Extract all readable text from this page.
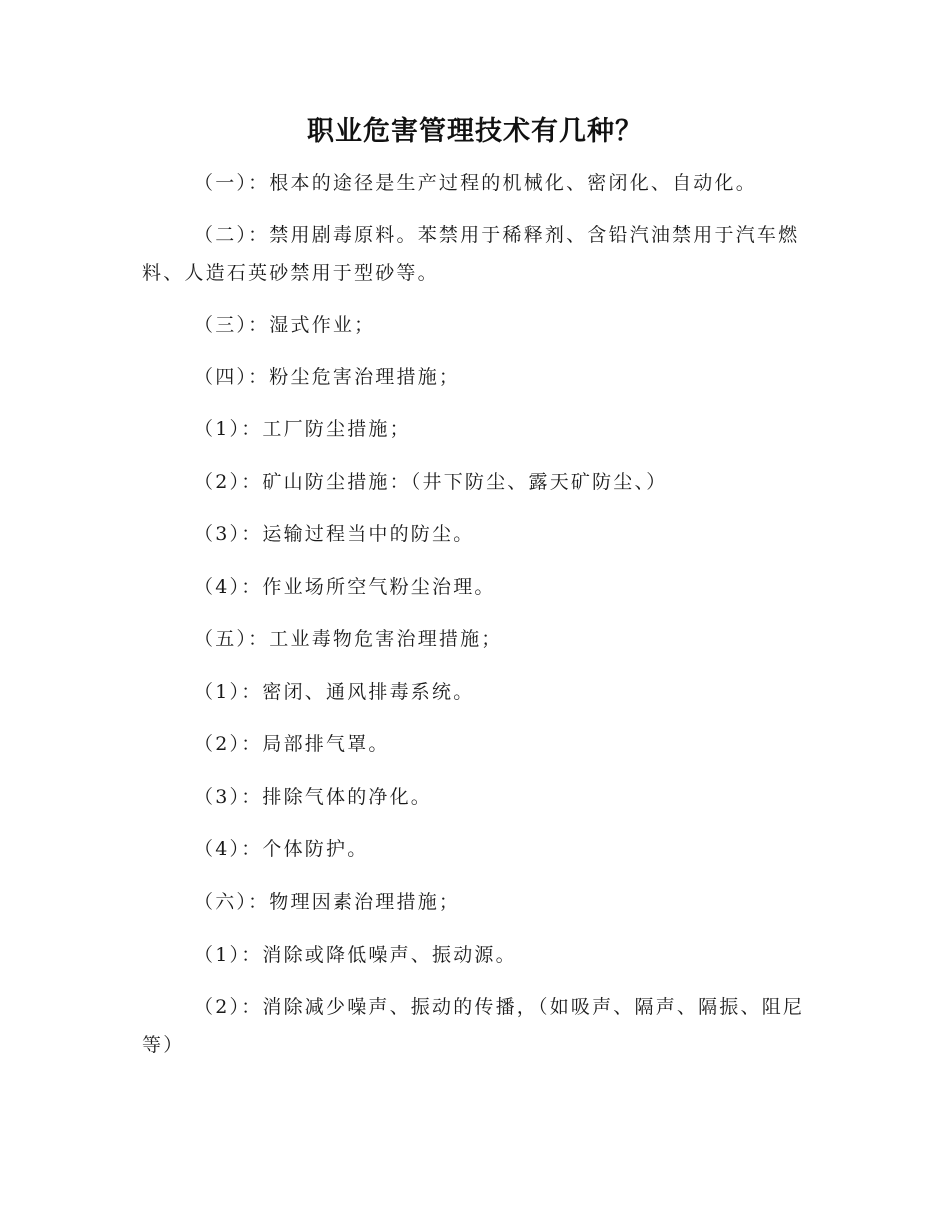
职业危害管理技术有几种？
（一）：根本的途径是生产过程的机械化、密闭化、自动化。
（二）：禁用剧毒原料。苯禁用于稀释剂、含铅汽油禁用于汽车燃料、人造石英砂禁用于型砂等。
（三）：湿式作业；
（四）：粉尘危害治理措施；
（1）：工厂防尘措施；
（2）：矿山防尘措施：（井下防尘、露天矿防尘、）
（3）：运输过程当中的防尘。
（4）：作业场所空气粉尘治理。
（五）：工业毒物危害治理措施；
（1）：密闭、通风排毒系统。
（2）：局部排气罩。
（3）：排除气体的净化。
（4）：个体防护。
（六）：物理因素治理措施；
（1）：消除或降低噪声、振动源。
（2）：消除减少噪声、振动的传播，（如吸声、隔声、隔振、阻尼等）
